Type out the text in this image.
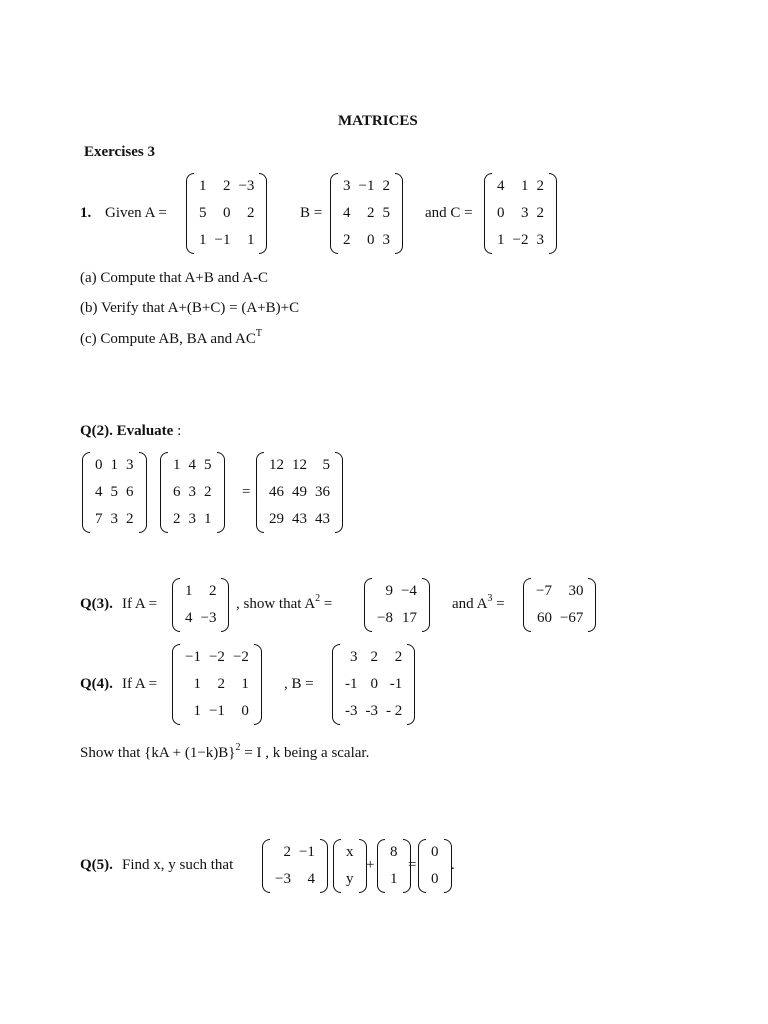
MATRICES
Exercises 3
1. Given A =
1	2	−3
5	0	2
1	−1	1
B =
3	−1	2
4	2	5
2	0	3
and C =
4	1	2
0	3	2
1	−2	3
(a) Compute that A+B and A-C
(b) Verify that A+(B+C) = (A+B)+C
(c) Compute AB, BA and $AC^T$
Q(2). Evaluate :
0	1	3
4	5	6
7	3	2
1	4	5
6	3	2
2	3	1
=
12	12	5
46	49	36
29	43	43
Q(3). If A =
1	2
4	−3
, show that $A^2$ =
9	−4
−8	17
and $A^3$ =
−7	30
60	−67
Q(4). If A =
−1	−2	−2
1	2	1
1	−1	0
, B =
3	2	2
-1	0	-1
-3	-3	- 2
Show that {kA + (1−k)B}$^2$ = I , k being a scalar.
Q(5). Find x, y such that
2	−1
−3	4
x
y
+
8
1
=
0
0
.
